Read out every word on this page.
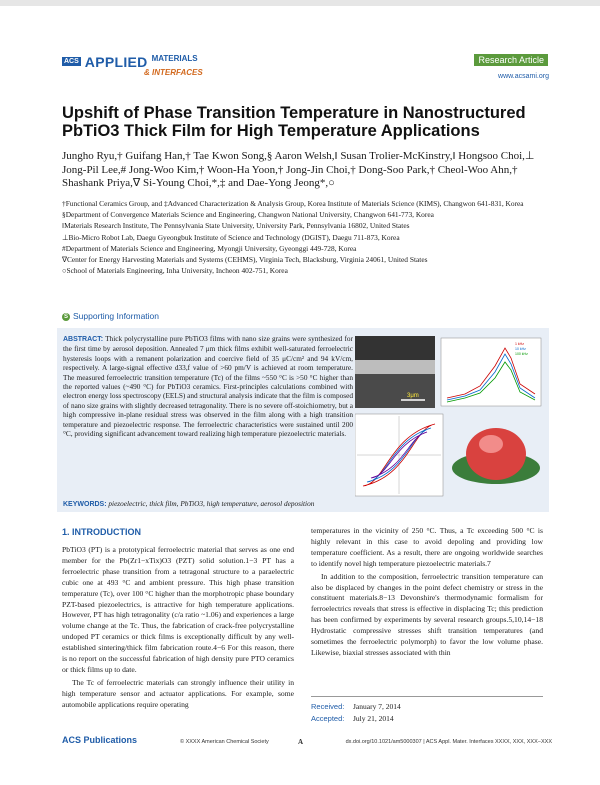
ACS APPLIED $^{MATERIALS}$
& INTERFACES
Research Article
www.acsami.org
Upshift of Phase Transition Temperature in Nanostructured PbTiO3 Thick Film for High Temperature Applications
Jungho Ryu,† Guifang Han,† Tae Kwon Song,§ Aaron Welsh,‖ Susan Trolier-McKinstry,‖ Hongsoo Choi,⊥ Jong-Pil Lee,# Jong-Woo Kim,† Woon-Ha Yoon,† Jong-Jin Choi,† Dong-Soo Park,† Cheol-Woo Ahn,† Shashank Priya,∇ Si-Young Choi,*,‡ and Dae-Yong Jeong*,○

†Functional Ceramics Group, and ‡Advanced Characterization & Analysis Group, Korea Institute of Materials Science (KIMS), Changwon 641-831, Korea

§Department of Convergence Materials Science and Engineering, Changwon National University, Changwon 641-773, Korea

‖Materials Research Institute, The Pennsylvania State University, University Park, Pennsylvania 16802, United States

⊥Bio-Micro Robot Lab, Daegu Gyeongbuk Institute of Science and Technology (DGIST), Daegu 711-873, Korea

#Department of Materials Science and Engineering, Myongji University, Gyeonggi 449-728, Korea

∇Center for Energy Harvesting Materials and Systems (CEHMS), Virginia Tech, Blacksburg, Virginia 24061, United States

○School of Materials Engineering, Inha University, Incheon 402-751, Korea

S Supporting Information
ABSTRACT: Thick polycrystalline pure PbTiO3 films with nano size grains were synthesized for the first time by aerosol deposition. Annealed 7 μm thick films exhibit well-saturated ferroelectric hysteresis loops with a remanent polarization and coercive field of 35 μC/cm² and 94 kV/cm, respectively. A large-signal effective d33,f value of >60 pm/V is achieved at room temperature. The measured ferroelectric transition temperature (Tc) of the films ~550 °C is >50 °C higher than the reported values (~490 °C) for PbTiO3 ceramics. First-principles calculations combined with electron energy loss spectroscopy (EELS) and structural analysis indicate that the film is composed of nano size grains with slightly decreased tetragonality. There is no severe off-stoichiometry, but a high compressive in-plane residual stress was observed in the film along with a high transition temperature and piezoelectric response. The ferroelectric characteristics were sustained until 200 °C, providing significant advancement toward realizing high temperature piezoelectric materials.
3μm
1 kHz
10 kHz
100 kHz
KEYWORDS: piezoelectric, thick film, PbTiO3, high temperature, aerosol deposition
1. INTRODUCTION

PbTiO3 (PT) is a prototypical ferroelectric material that serves as one end member for the Pb(Zr1−xTix)O3 (PZT) solid solution.1−3 PT has a ferroelectric phase transition from a tetragonal structure to a paraelectric cubic one at 493 °C and ambient pressure. This high phase transition temperature (Tc), over 100 °C higher than the morphotropic phase boundary PZT-based piezoelectrics, is attractive for high temperature applications. However, PT has high tetragonality (c/a ratio ~1.06) and experiences a large volume change at the Tc. Thus, the fabrication of crack-free polycrystalline undoped PT ceramics or thick films is exceptionally difficult by any well-established sintering/thick film fabrication route.4−6 For this reason, there is no report on the successful fabrication of high density pure PTO ceramics or thick films up to date.

The Tc of ferroelectric materials can strongly influence their utility in high temperature sensor and actuator applications. For example, some automobile applications require operating

temperatures in the vicinity of 250 °C. Thus, a Tc exceeding 500 °C is highly relevant in this case to avoid depoling and providing low temperature coefficient. As a result, there are ongoing worldwide searches to identify novel high temperature piezoelectric materials.7

In addition to the composition, ferroelectric transition temperature can also be displaced by changes in the point defect chemistry or stress in the constituent materials.8−13 Devonshire's thermodynamic formalism for ferroelectrics reveals that stress is effective in displacing Tc; this prediction has been confirmed by experiments by several research groups.5,10,14−18 Hydrostatic compressive stresses shift transition temperatures (and sometimes the ferroelectric polymorph) to favor the low volume phase. Likewise, biaxial stresses associated with thin

Received: January 7, 2014
Accepted: July 21, 2014
ACS Publications	© XXXX American Chemical Society	A	dx.doi.org/10.1021/am5000307 | ACS Appl. Mater. Interfaces XXXX, XXX, XXX−XXX
